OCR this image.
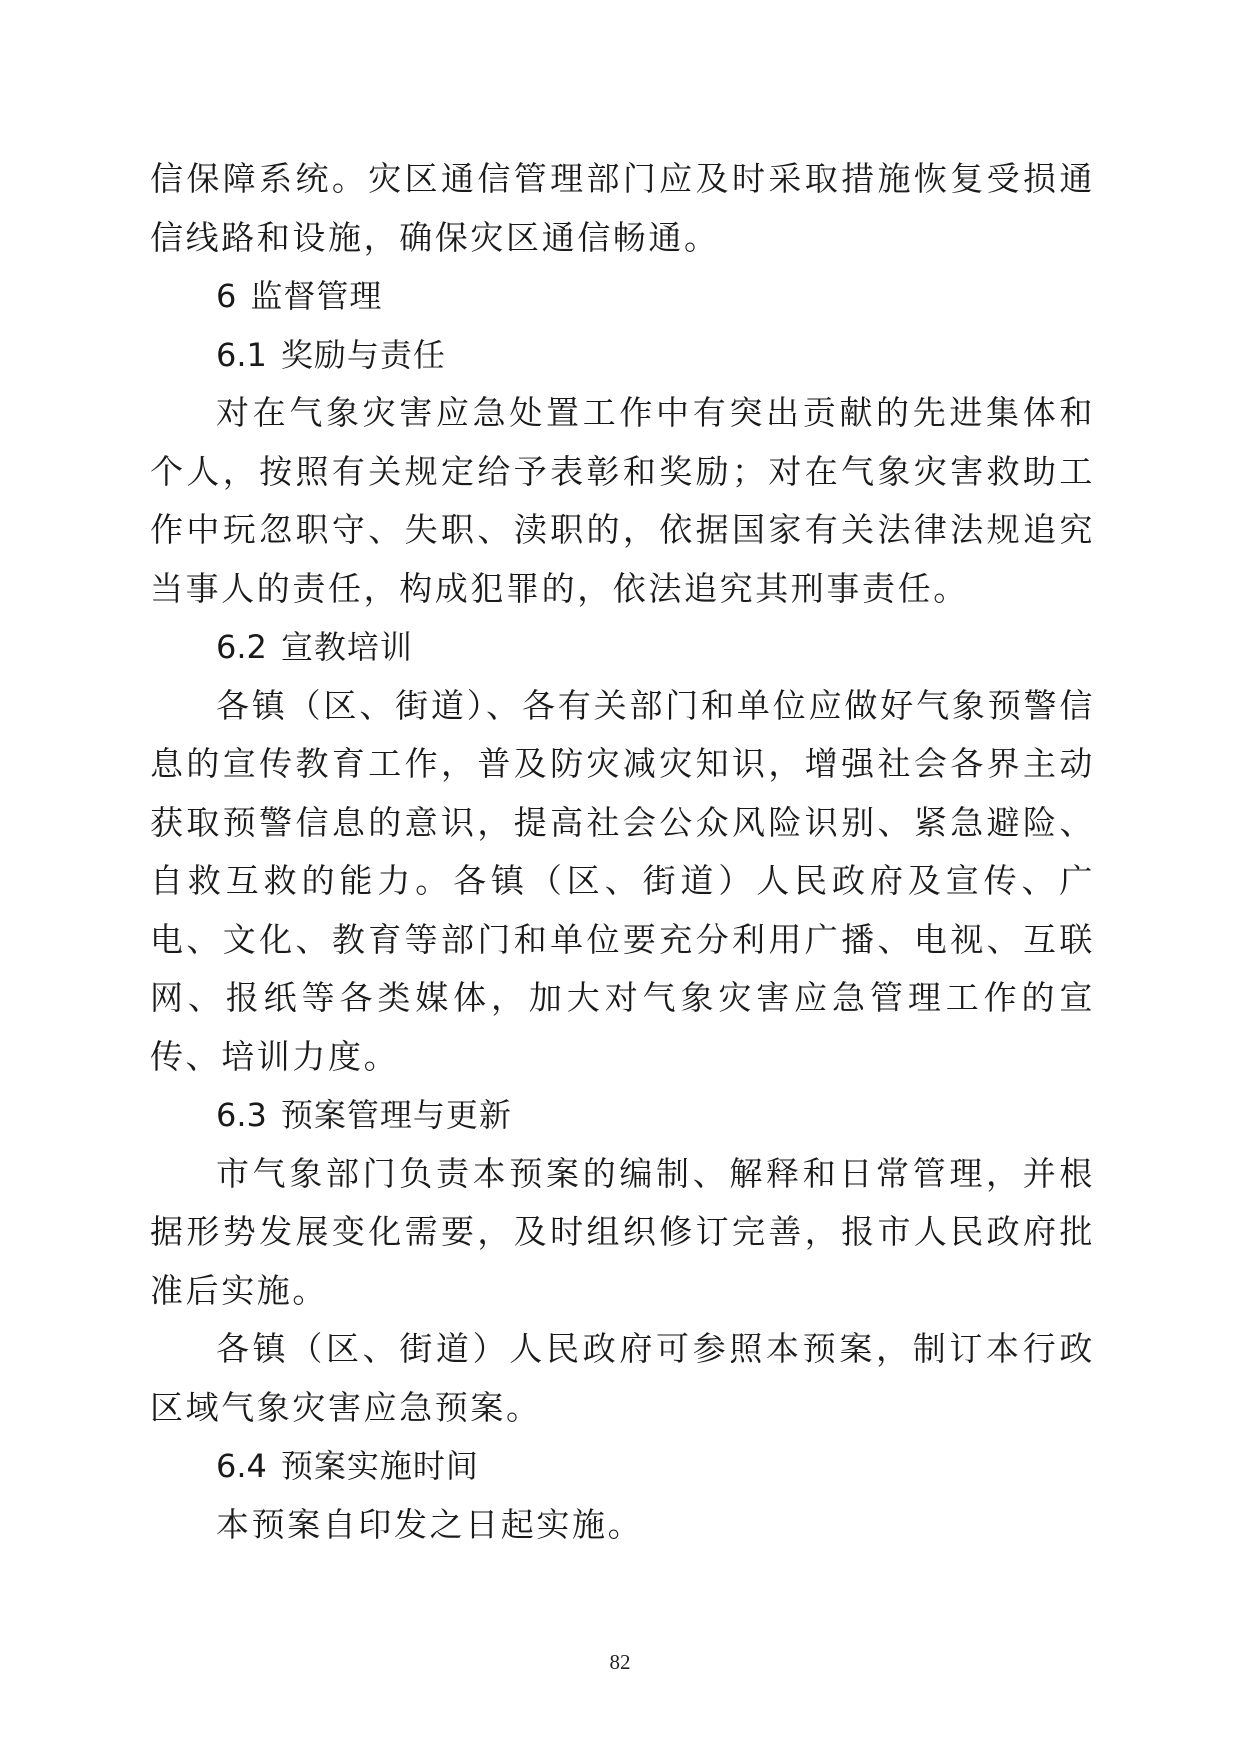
信保障系统。灾区通信管理部门应及时采取措施恢复受损通信线路和设施，确保灾区通信畅通。

6 监督管理
6.1 奖励与责任

对在气象灾害应急处置工作中有突出贡献的先进集体和个人，按照有关规定给予表彰和奖励；对在气象灾害救助工作中玩忽职守、失职、渎职的，依据国家有关法律法规追究当事人的责任，构成犯罪的，依法追究其刑事责任。

6.2 宣教培训

各镇（区、街道）、各有关部门和单位应做好气象预警信息的宣传教育工作，普及防灾减灾知识，增强社会各界主动获取预警信息的意识，提高社会公众风险识别、紧急避险、自救互救的能力。各镇（区、街道）人民政府及宣传、广电、文化、教育等部门和单位要充分利用广播、电视、互联网、报纸等各类媒体，加大对气象灾害应急管理工作的宣传、培训力度。

6.3 预案管理与更新

市气象部门负责本预案的编制、解释和日常管理，并根据形势发展变化需要，及时组织修订完善，报市人民政府批准后实施。

各镇（区、街道）人民政府可参照本预案，制订本行政区域气象灾害应急预案。

6.4 预案实施时间

本预案自印发之日起实施。

82
